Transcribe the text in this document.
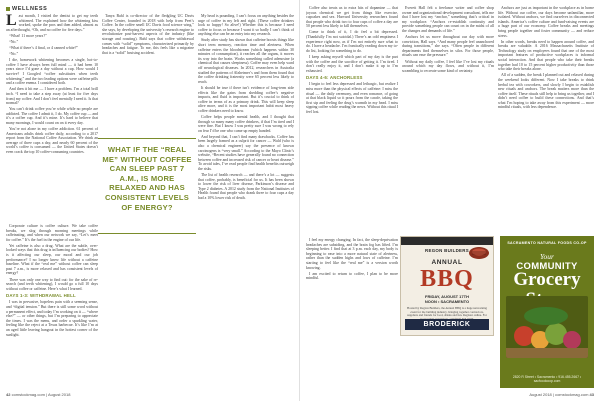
WELLNESS

Last month, I visited the dentist to get my teeth whitened. The explained how the whitening kiss worked, spoke the pros and then added, almost as an afterthought, “Oh, and no coffee for five days.”

“What! 11 more years?”

“No.”

“What if there’s 4 final, or 4 canned white?”

“No.”

I die, homework whitening becomes a single, hot-to-coffee I have always been full mind — it had been 10 years since I’d gone a day without a cup. How would I survive? I Googled “coffee substitutes when teeth whitening,” and the two leading options were caffeine pills and a coffee enema. I considered both.

And then it hit me — I have a problem. I’m a total brill inch. “I need to take a step away (at least for five days from) my coffee. And I don’t feel mentally I need it. Is that normal?

You can’t drink coffee you’re while while no people are addicted. The coffee I admit it, I do. My coffee cup — and it’s a coffee cup. And it’s mine. It’s hard to believe that many mornings, I would count on on it every day.

You’re not alone in my coffee addiction. 61 percent of Americans adults drink coffee daily, according to a 2017 report from the National Coffee Association. We drink an average of three cups a day, and nearly 60 percent of the world’s coffee is consumed — the United States doesn’t even crack the top 10 coffee-consuming countries.

Tanya Bahl is co-director of the fledgling UC Davis Coffee Center, founded in 2018 with help from Peet’s Coffee. In the coffee smell UC Davis food science wing,” she says, by developing the university’s research engine to revolutionize post-harvest aspects of the industry (like storage and roasting). Bahl says that coffee withdrawal comes with “solid” symptoms, characterized primarily by headaches and fatigue. To me, this feels like a migraine that is a “solid” bruising accident.

Corporate culture is coffee culture. We take coffee breaks, we slog through morning meetings while caffeinating, and when our network we say, “Let’s meet for coffee.” It’s the fuel in the engine of our life.

Yet caffeine is also a drug. What are the subtle, over-looked ways that this drug is influencing our bodies? How is it affecting our sleep, our mood and our job performance? I no longer knew life without a caffeine baseline. What if the “real me” without coffee can sleep past 7 a.m., is more relaxed and has consistent levels of energy?

There was only one way to find out: for the sake of re-search (and teeth whitening), I would go a full 10 days without coffee or caffeine. Here’s what I learned.

DAYS 1-3: WITHDRAWAL HELL

I was in pervasive, hopeless pain with a seeming sense, and “digital tension.” But there is still some word without a permanent effect, and today I’m working on it — “where else?” — or other things, but I’m preparing to appreciate the times. I was the menu, and order a sparkling water, feeling like the reject at a Texas barbecue. It’s like I’m at an aged little leaving hangout in the hottest corner of the sunlight.

My head is pounding. I can’t focus on anything besides the urge of coffee in my left and right. (These coffee drinkers look so happy! So alive!) Whether this is because I need coffee to focus or because I want it so badly I can’t think of anything else can be an entry into my research.

Study after study has shown that caffeine boosts things like short term memory, reaction time and alertness. When caffeine enters the bloodstream (which happens within 30 minutes of consumption), it reaches all the organs, it moves its way into the brain. Works something called adenosine (a chemical that causes sleepiness). Coffee may even help ward off neurological diseases. In 2012, researchers in Australia studied the patterns of Alzheimer’s and from them found that the coffee drinking fraternity were 65 percent less likely to reach.

It should be true if there isn’t evidence of long-term side effects like the gains from shedding coffee’s negative impacts, and fluid is important. But it’s crucial to think of coffee in terms of as a primary drink. This will keep sleep alive more, and it is the most important habit most heavy coffee drinkers need to know.

Coffee helps people mental health, and I thought that through so many many coffee drinkers, if that I’m tired and I were fine. But I know I was pretty sure I was wrong to rely on fear I’d be one who came up empty handed.

And beyond that, I can’t find many drawbacks. Coffee has been largely framed as a culprit for cancer — Wald (who is also a chemical engineer) say the presence of known carcinogens is “very small.” According to the Mayo Clinic’s website, “Recent studies have generally found no connection between coffee and increased risk of cancer or heart disease.” To avoid tales, I’ve read people find health benefits outweigh the risks.

The list of health research — and there’s a lot — suggests that coffee, probably, is beneficial for us. It has been shown to lower the risk of liver disease, Parkinson’s disease and Type 2 diabetes. A 2012 study from the National Institutes of Health found that people who drank three to four cups a day had a 10% lower risk of death.

WHAT IF THE “REAL ME” WITHOUT COFFEE CAN SLEEP PAST 7 A.M., IS MORE RELAXED AND HAS CONSISTENT LEVELS OF ENERGY?
42 comstockmag.com | August 2018

Coffee also treats us to extra hits of dopamine — that joyous chemical we get from things like exercise, cupcakes and sex. Harvard University researchers found that people who drink two to four cups of coffee a day are 50 percent less likely to kill themselves.

Come to think of it, I do feel a bit depressed. (Thankfully I’m not suicidal.) There’s an odd emptiness I experience right now, as if I’m not entirely sure what to do. I have a headache. I’m frantically reading down my to-do list, looking for something to do.

I keep asking myself which part of my day is the part with the coffee and the sacrifice of getting it. I’m tired. I don’t really enjoy it, and I don’t make it up to I’m exhausted.

DAYS 4-6: ANCHORLESS

I begin to feel less depressed and lethargic, but realize I miss more than the physical effects of caffeine: I miss the ritual — the daily ceremony, and even romance, of going at that black liquid so it pours from the carafe, taking the first sip and feeling the drug’s warmth in my head. I miss sipping coffee while reading the news. Without this ritual I feel lost.

Everett Hall felt a freelance writer and coffee shop owner and organizational development consultant, tells me that I have lost my “anchor,” something that’s critical in my workplace. “Anchors re-establish continuity and provide something people can count on in the midst of all the changes and demands of life.”

Anchors let us move throughout our day with more conviction, Hall says. “And many people feel unanchored during transitions,” she says. “Often people in different departments find themselves in silos. For those people, rituals can ease the pressure.”

Without my daily coffee, I feel like I’ve lost my rituals around which my day flows, and without it, I’m scrambling to recreate some kind of certainty.

Anchors are just as important in the workplace as in home life. Without our coffee, our days become unfamiliar, more isolated. Without anchors, we find ourselves in disconnected islands. America’s coffee culture and fund-raising events are a huge part of our economy. Coffee breaks and meetings bring people together and foster community — and reduce stress.

In other words, breaks need to happen around coffee, and breaks are valuable. A 2016 Massachusetts Institute of Technology study on employees found that one of the most important features of productive workplaces is informal social interaction. And that people who take their breaks together had 10 to 15 percent higher productivity than those who take their breaks alone.

All of a sudden, the break I planned out and relaxed during the weekend looks different. Now I take breaks to drink herbal tea with coworkers, and slowly I begin to establish new rituals and anchors. The break matters more than the coffee itself. These rituals still help to bring us together, and I didn’t need coffee to build these connections. And that’s what I’m hoping to take away from this experiment — more mindful rituals, with less dependence.

I feel my energy changing. In fact, the sleep-deprivation headaches are subsiding, and the brain fog has lifted. I’m sleeping better. I find that at 3 p.m. each day, my body is beginning to ease into a more natural state of alertness, rather than the sudden highs and lows of caffeine. I’m starting to feel like the “real me” is a version worth knowing.

I am excited to return to coffee, I plan to be more mindful.

REGON BUILDERS
ANNUAL
BBQ
FRIDAY, AUGUST 17TH
NOON • SACRAMENTO
Hosted by Region Builders, the Annual BBQ is a huge networking event for the building industry, bringing together contractors, suppliers and friends for food, drinks and fun. Register online. For
BRODERICK
SACRAMENTO NATURAL FOODS CO-OP
Your
COMMUNITY
Grocery
2820 R Street • Sacramento • 916.455.2667 • sacfoodcoop.com
August 2018 | comstockmag.com 43
